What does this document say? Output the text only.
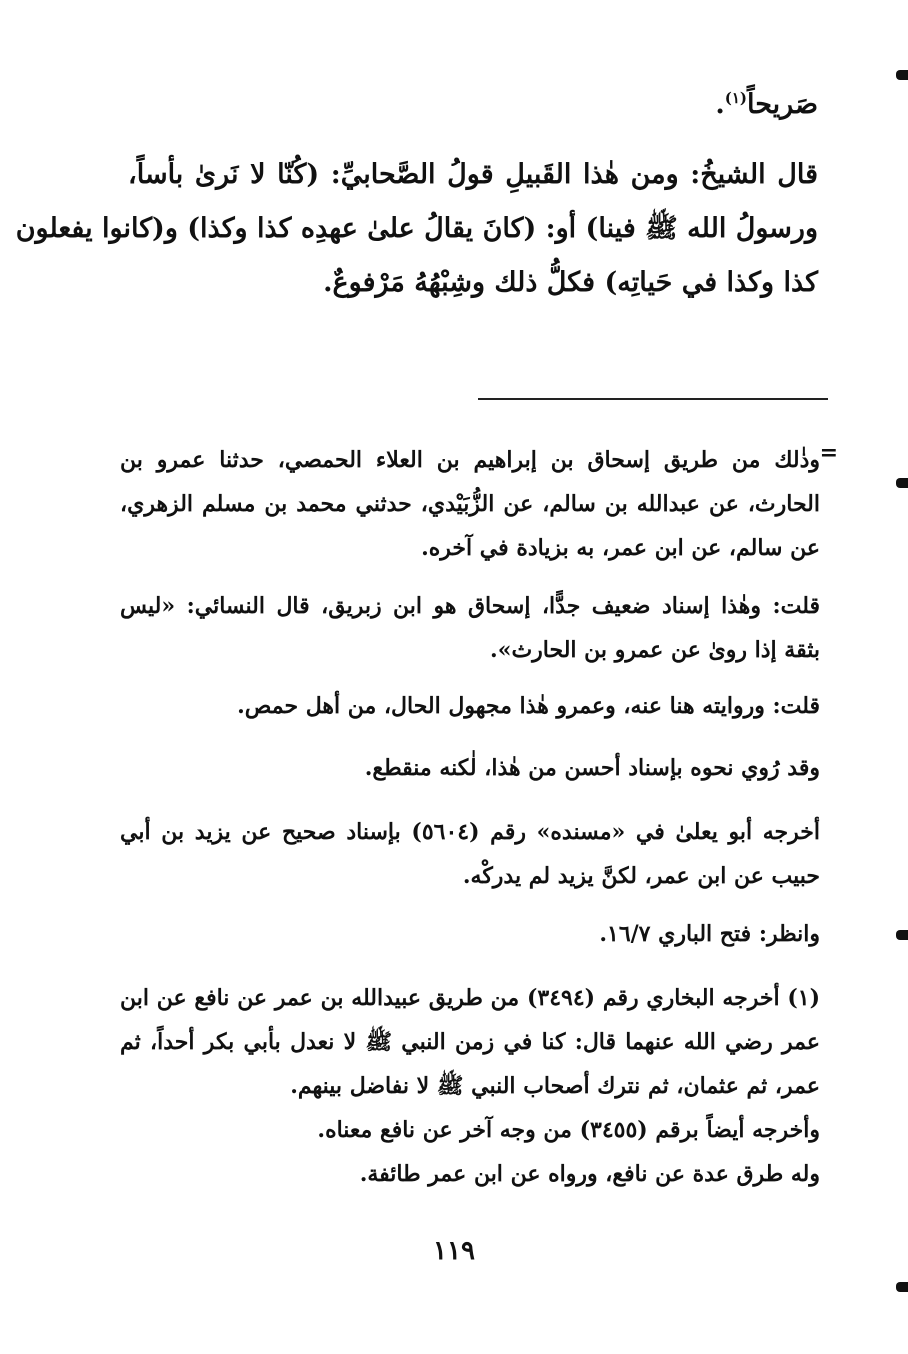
صَريحاً$^{(١)}$.
قال الشيخُ: ومن هٰذا القَبيلِ قولُ الصَّحابيِّ: (كُنّا لا نَرىٰ بأساً،
ورسولُ الله ﷺ فينا) أو: (كانَ يقالُ علىٰ عهدِه كذا وكذا) و(كانوا يفعلون
كذا وكذا في حَياتِه) فكلُّ ذلك وشِبْهُهُ مَرْفوعٌ.
=
وذٰلك من طريق إسحاق بن إبراهيم بن العلاء الحمصي، حدثنا عمرو بن
الحارث، عن عبدالله بن سالم، عن الزُّبَيْدي، حدثني محمد بن مسلم الزهري،
عن سالم، عن ابن عمر، به بزيادة في آخره.
قلت: وهٰذا إسناد ضعيف جدًّا، إسحاق هو ابن زبريق، قال النسائي: «ليس
بثقة إذا روىٰ عن عمرو بن الحارث».
قلت: وروايته هنا عنه، وعمرو هٰذا مجهول الحال، من أهل حمص.
وقد رُوي نحوه بإسناد أحسن من هٰذا، لٰكنه منقطع.
أخرجه أبو يعلىٰ في «مسنده» رقم (٥٦٠٤) بإسناد صحيح عن يزيد بن أبي
حبيب عن ابن عمر، لكنَّ يزيد لم يدركْه.
وانظر: فتح الباري ١٦/٧.
(١) أخرجه البخاري رقم (٣٤٩٤) من طريق عبيدالله بن عمر عن نافع عن ابن
عمر رضي الله عنهما قال: كنا في زمن النبي ﷺ لا نعدل بأبي بكر أحداً، ثم
عمر، ثم عثمان، ثم نترك أصحاب النبي ﷺ لا نفاضل بينهم.
وأخرجه أيضاً برقم (٣٤٥٥) من وجه آخر عن نافع معناه.
وله طرق عدة عن نافع، ورواه عن ابن عمر طائفة.
١١٩
